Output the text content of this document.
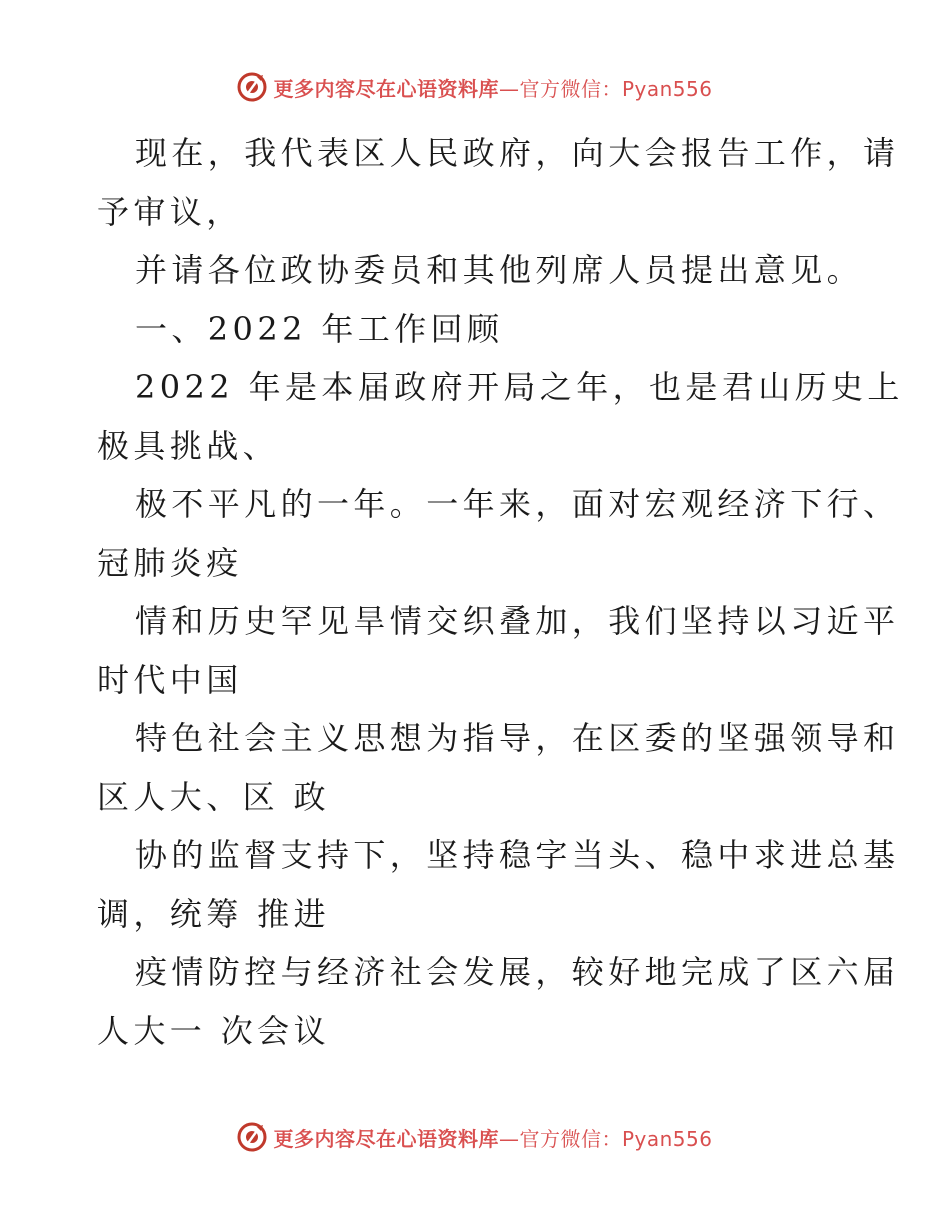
更多内容尽在心语资料库 —官方微信：Pyan556
现在，我代表区人民政府，向大会报告工作，请
予审议，
并请各位政协委员和其他列席人员提出意见。
一、2022 年工作回顾
2022 年是本届政府开局之年，也是君山历史上
极具挑战、
极不平凡的一年。一年来，面对宏观经济下行、
冠肺炎疫
情和历史罕见旱情交织叠加，我们坚持以习近平
时代中国
特色社会主义思想为指导，在区委的坚强领导和
区人大、区 政
协的监督支持下，坚持稳字当头、稳中求进总基
调，统筹 推进
疫情防控与经济社会发展，较好地完成了区六届
人大一 次会议
更多内容尽在心语资料库 —官方微信：Pyan556
